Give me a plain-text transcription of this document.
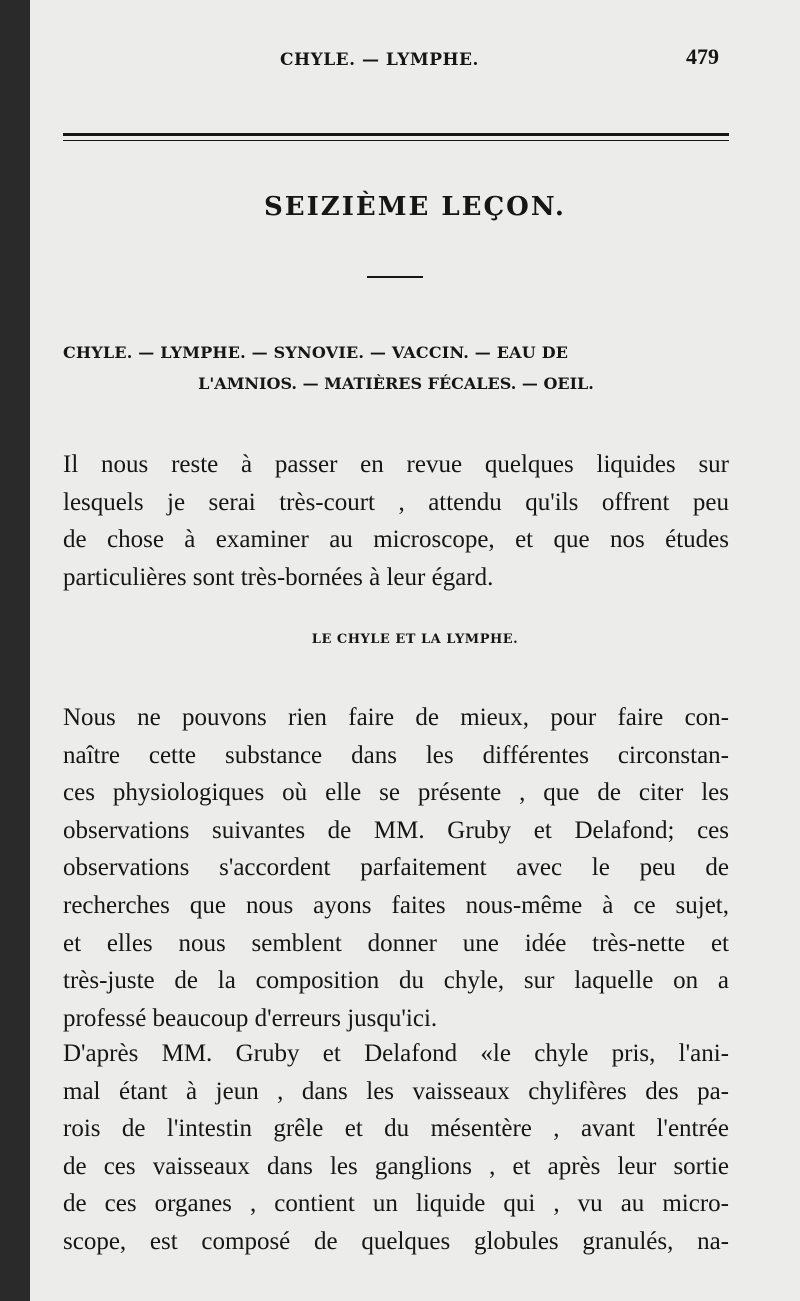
CHYLE. — LYMPHE.	479
SEIZIÈME LEÇON.
CHYLE. — LYMPHE. — SYNOVIE. — VACCIN. — EAU DE
L'AMNIOS. — MATIÈRES FÉCALES. — OEIL.
Il nous reste à passer en revue quelques liquides sur
lesquels je serai très-court , attendu qu'ils offrent peu
de chose à examiner au microscope, et que nos études
particulières sont très-bornées à leur égard.
LE CHYLE ET LA LYMPHE.
Nous ne pouvons rien faire de mieux, pour faire con-
naître cette substance dans les différentes circonstan-
ces physiologiques où elle se présente , que de citer les
observations suivantes de MM. Gruby et Delafond; ces
observations s'accordent parfaitement avec le peu de
recherches que nous ayons faites nous-même à ce sujet,
et elles nous semblent donner une idée très-nette et
très-juste de la composition du chyle, sur laquelle on a
professé beaucoup d'erreurs jusqu'ici.
D'après MM. Gruby et Delafond «le chyle pris, l'ani-
mal étant à jeun , dans les vaisseaux chylifères des pa-
rois de l'intestin grêle et du mésentère , avant l'entrée
de ces vaisseaux dans les ganglions , et après leur sortie
de ces organes , contient un liquide qui , vu au micro-
scope, est composé de quelques globules granulés, na-
